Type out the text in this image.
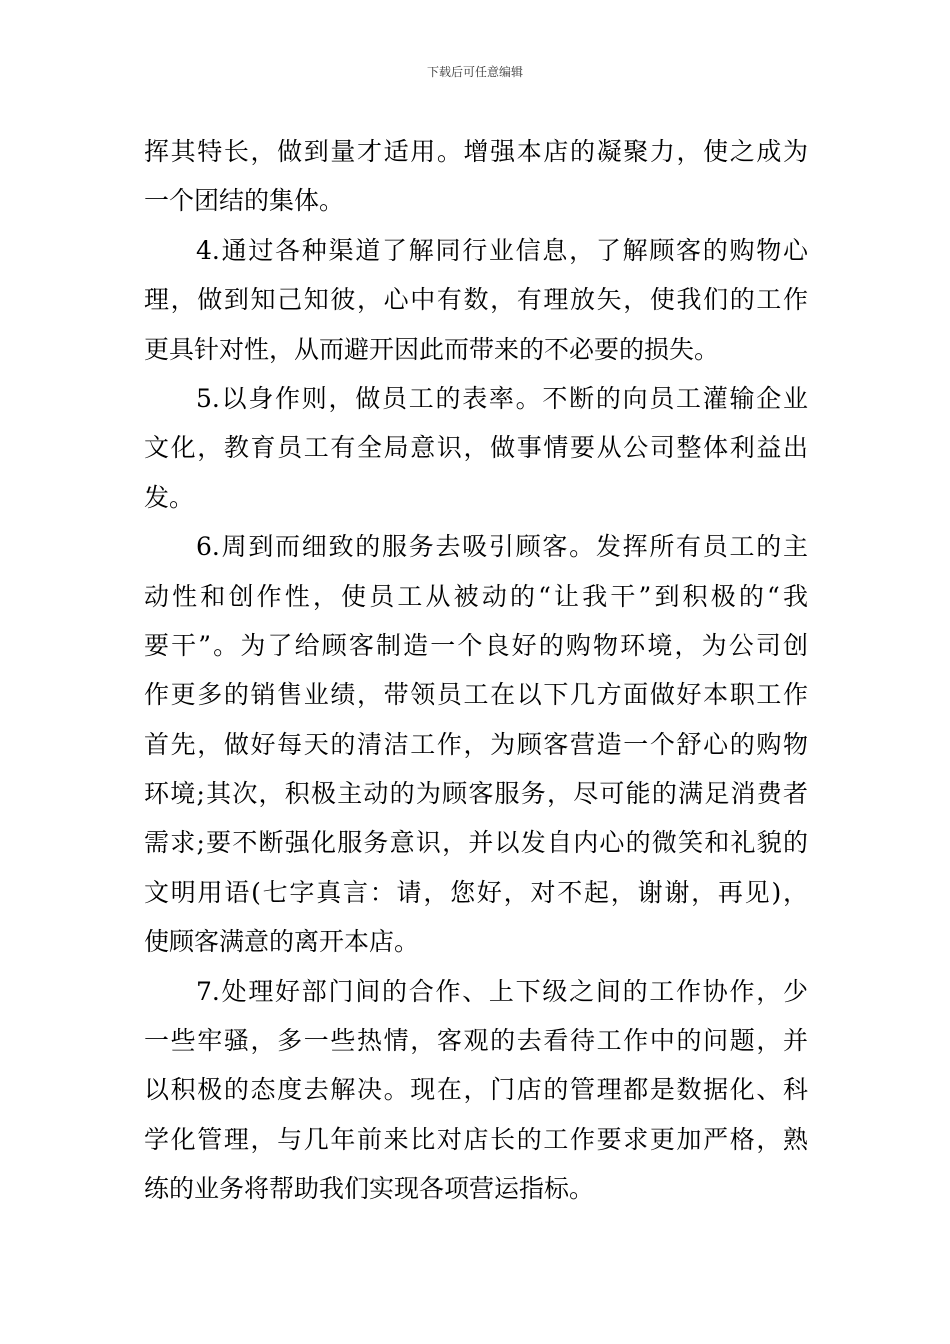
下载后可任意编辑
挥其特长，做到量才适用。增强本店的凝聚力，使之成为
一个团结的集体。
4.通过各种渠道了解同行业信息，了解顾客的购物心
理，做到知己知彼，心中有数，有理放矢，使我们的工作
更具针对性，从而避开因此而带来的不必要的损失。
5.以身作则，做员工的表率。不断的向员工灌输企业
文化，教育员工有全局意识，做事情要从公司整体利益出
发。
6.周到而细致的服务去吸引顾客。发挥所有员工的主
动性和创作性，使员工从被动的“让我干”到积极的“我
要干”。为了给顾客制造一个良好的购物环境，为公司创
作更多的销售业绩，带领员工在以下几方面做好本职工作
首先，做好每天的清洁工作，为顾客营造一个舒心的购物
环境;其次，积极主动的为顾客服务，尽可能的满足消费者
需求;要不断强化服务意识，并以发自内心的微笑和礼貌的
文明用语(七字真言：请，您好，对不起，谢谢，再见)，
使顾客满意的离开本店。
7.处理好部门间的合作、上下级之间的工作协作，少
一些牢骚，多一些热情，客观的去看待工作中的问题，并
以积极的态度去解决。现在，门店的管理都是数据化、科
学化管理，与几年前来比对店长的工作要求更加严格，熟
练的业务将帮助我们实现各项营运指标。
